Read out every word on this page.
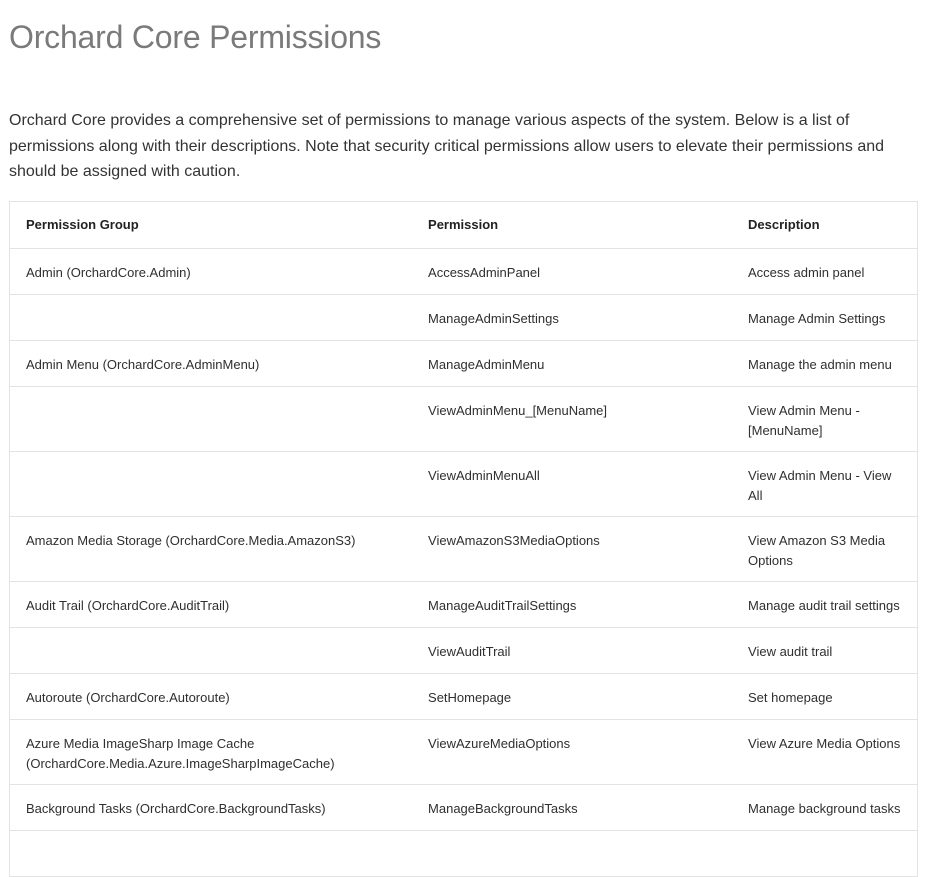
Orchard Core Permissions

Orchard Core provides a comprehensive set of permissions to manage various aspects of the system. Below is a list of permissions along with their descriptions. Note that security critical permissions allow users to elevate their permissions and should be assigned with caution.

Permission Group	Permission	Description
Admin (OrchardCore.Admin)	AccessAdminPanel	Access admin panel
	ManageAdminSettings	Manage Admin Settings
Admin Menu (OrchardCore.AdminMenu)	ManageAdminMenu	Manage the admin menu
	ViewAdminMenu_[MenuName]	View Admin Menu - [MenuName]
	ViewAdminMenuAll	View Admin Menu - View All
Amazon Media Storage (OrchardCore.Media.AmazonS3)	ViewAmazonS3MediaOptions	View Amazon S3 Media Options
Audit Trail (OrchardCore.AuditTrail)	ManageAuditTrailSettings	Manage audit trail settings
	ViewAuditTrail	View audit trail
Autoroute (OrchardCore.Autoroute)	SetHomepage	Set homepage
Azure Media ImageSharp Image Cache (OrchardCore.Media.Azure.ImageSharpImageCache)	ViewAzureMediaOptions	View Azure Media Options
Background Tasks (OrchardCore.BackgroundTasks)	ManageBackgroundTasks	Manage background tasks
